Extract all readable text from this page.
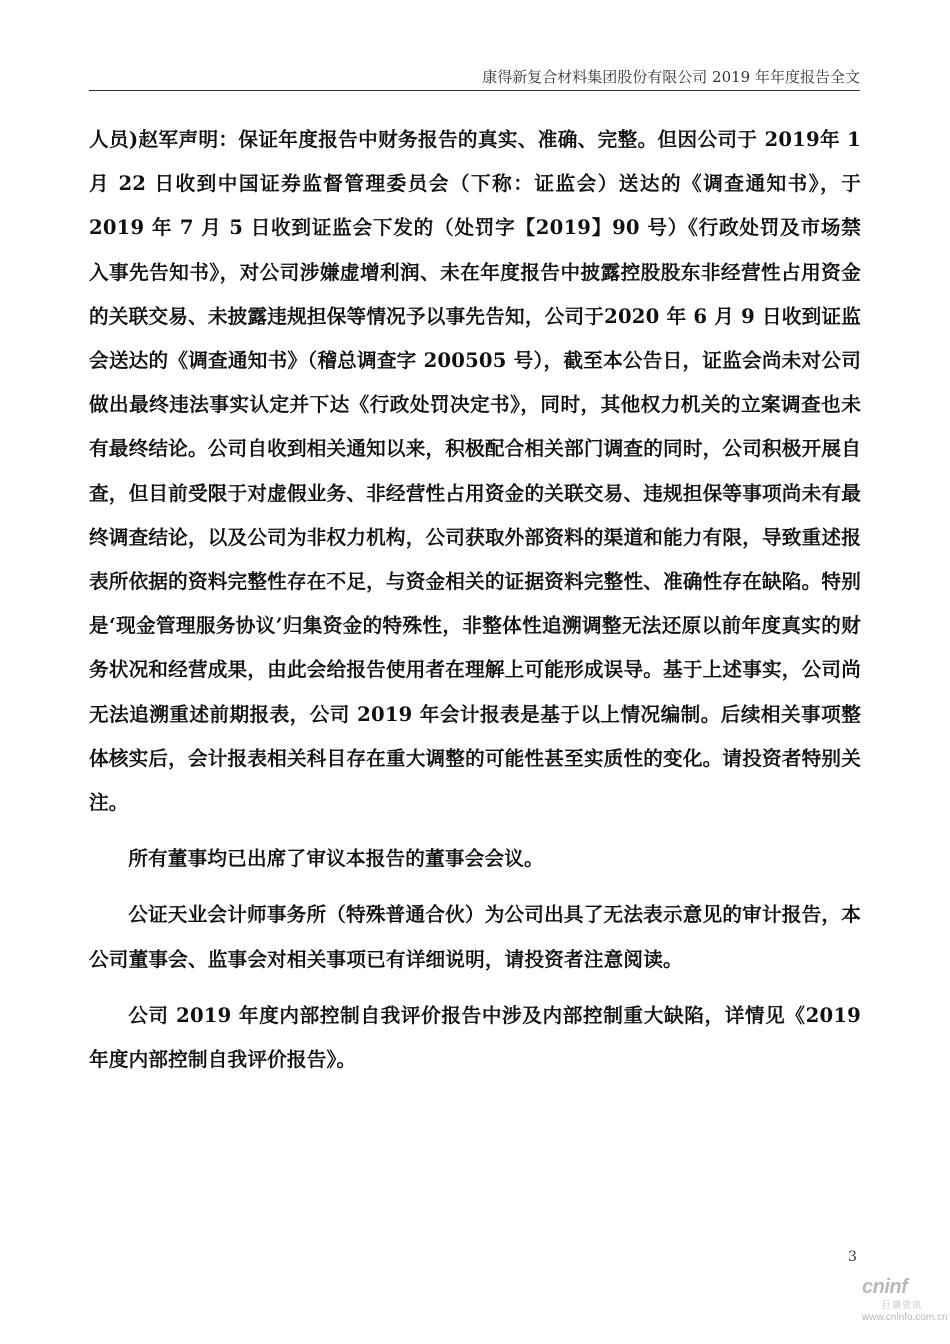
康得新复合材料集团股份有限公司 2019 年年度报告全文

人员)赵军声明：保证年度报告中财务报告的真实、准确、完整。但因公司于 2019年 1 月 22 日收到中国证券监督管理委员会（下称：证监会）送达的《调查通知书》，于 2019 年 7 月 5 日收到证监会下发的（处罚字【2019】90 号）《行政处罚及市场禁入事先告知书》，对公司涉嫌虚增利润、未在年度报告中披露控股股东非经营性占用资金的关联交易、未披露违规担保等情况予以事先告知，公司于2020 年 6 月 9 日收到证监会送达的《调查通知书》（稽总调查字 200505 号），截至本公告日，证监会尚未对公司做出最终违法事实认定并下达《行政处罚决定书》，同时，其他权力机关的立案调查也未有最终结论。公司自收到相关通知以来，积极配合相关部门调查的同时，公司积极开展自查，但目前受限于对虚假业务、非经营性占用资金的关联交易、违规担保等事项尚未有最终调查结论，以及公司为非权力机构，公司获取外部资料的渠道和能力有限，导致重述报表所依据的资料完整性存在不足，与资金相关的证据资料完整性、准确性存在缺陷。特别是‘现金管理服务协议’归集资金的特殊性，非整体性追溯调整无法还原以前年度真实的财务状况和经营成果，由此会给报告使用者在理解上可能形成误导。基于上述事实，公司尚无法追溯重述前期报表，公司 2019 年会计报表是基于以上情况编制。后续相关事项整体核实后，会计报表相关科目存在重大调整的可能性甚至实质性的变化。请投资者特别关注。

所有董事均已出席了审议本报告的董事会会议。

公证天业会计师事务所（特殊普通合伙）为公司出具了无法表示意见的审计报告，本公司董事会、监事会对相关事项已有详细说明，请投资者注意阅读。

公司 2019 年度内部控制自我评价报告中涉及内部控制重大缺陷，详情见《2019 年度内部控制自我评价报告》。

3
cninf
巨潮资讯
www.cninfo.com.cn
